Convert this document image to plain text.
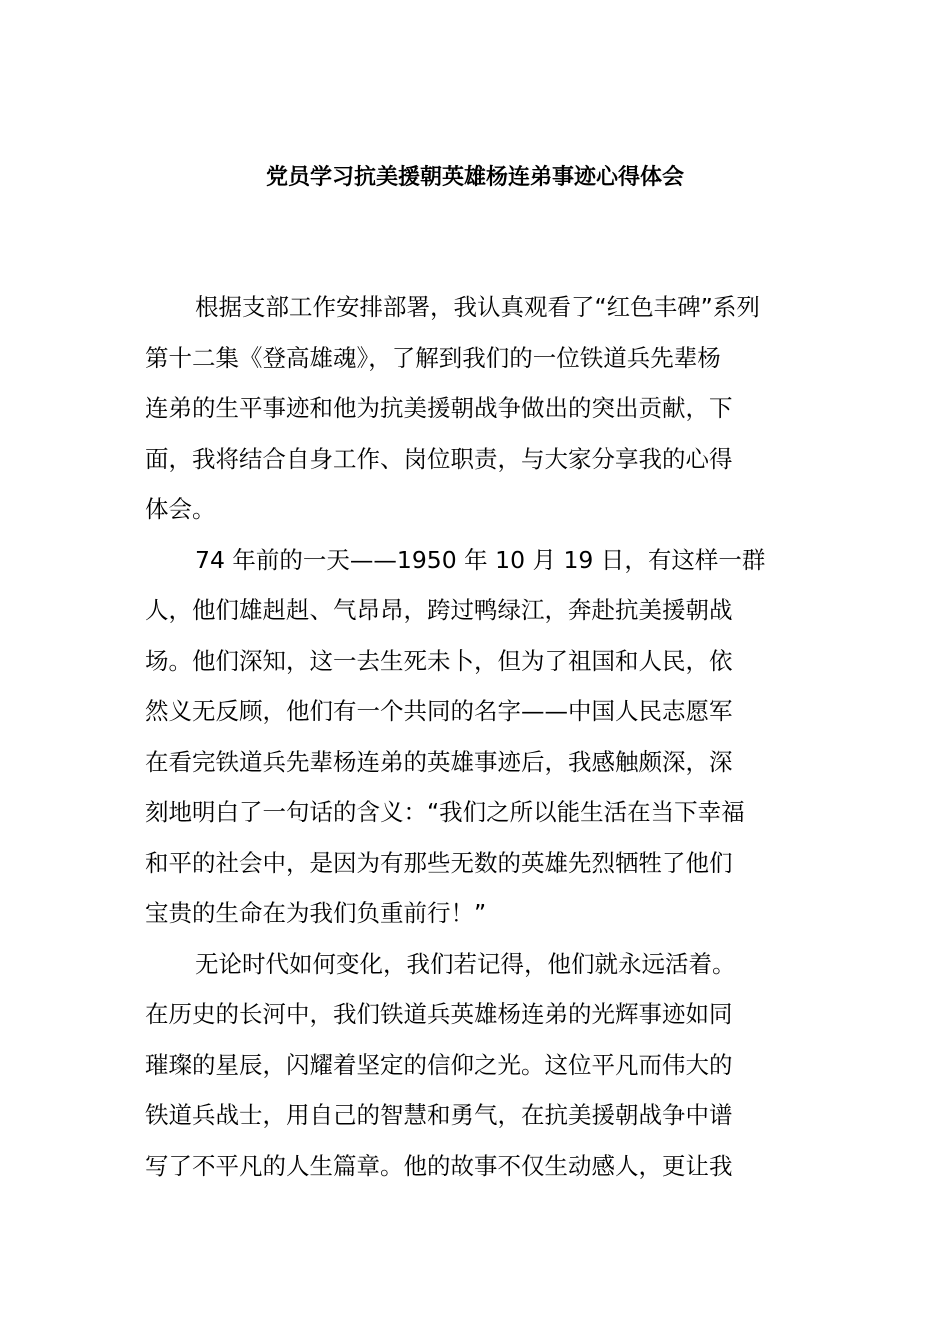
党员学习抗美援朝英雄杨连弟事迹心得体会
根据支部工作安排部署，我认真观看了“红色丰碑”系列
第十二集《登高雄魂》，了解到我们的一位铁道兵先辈杨
连弟的生平事迹和他为抗美援朝战争做出的突出贡献，下
面，我将结合自身工作、岗位职责，与大家分享我的心得
体会。
74 年前的一天——1950 年 10 月 19 日，有这样一群
人，他们雄赳赳、气昂昂，跨过鸭绿江，奔赴抗美援朝战
场。他们深知，这一去生死未卜，但为了祖国和人民，依
然义无反顾，他们有一个共同的名字——中国人民志愿军
在看完铁道兵先辈杨连弟的英雄事迹后，我感触颇深，深
刻地明白了一句话的含义：“我们之所以能生活在当下幸福
和平的社会中，是因为有那些无数的英雄先烈牺牲了他们
宝贵的生命在为我们负重前行！”
无论时代如何变化，我们若记得，他们就永远活着。
在历史的长河中，我们铁道兵英雄杨连弟的光辉事迹如同
璀璨的星辰，闪耀着坚定的信仰之光。这位平凡而伟大的
铁道兵战士，用自己的智慧和勇气，在抗美援朝战争中谱
写了不平凡的人生篇章。他的故事不仅生动感人，更让我
